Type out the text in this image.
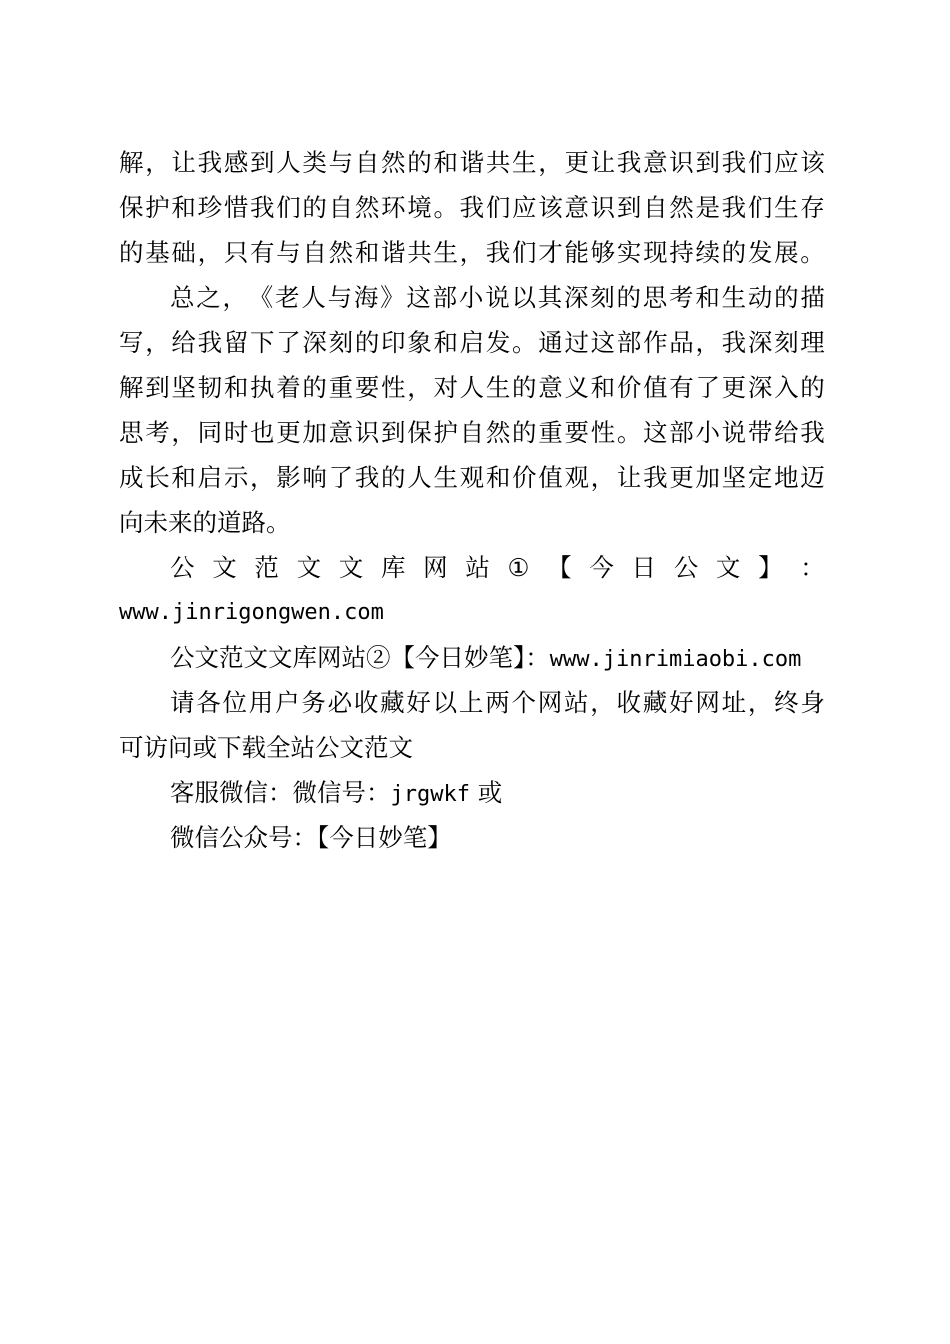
解 ， 让 我 感 到 人 类 与 自 然 的 和 谐 共 生 ， 更 让 我 意 识 到 我 们 应 该
保 护 和 珍 惜 我 们 的 自 然 环 境 。 我 们 应 该 意 识 到 自 然 是 我 们 生 存
的 基 础 ， 只 有 与 自 然 和 谐 共 生 ， 我 们 才 能 够 实 现 持 续 的 发 展 。
总 之 ， 《 老 人 与 海 》 这 部 小 说 以 其 深 刻 的 思 考 和 生 动 的 描
写 ， 给 我 留 下 了 深 刻 的 印 象 和 启 发 。 通 过 这 部 作 品 ， 我 深 刻 理
解 到 坚 韧 和 执 着 的 重 要 性 ， 对 人 生 的 意 义 和 价 值 有 了 更 深 入 的
思 考 ， 同 时 也 更 加 意 识 到 保 护 自 然 的 重 要 性 。 这 部 小 说 带 给 我
成 长 和 启 示 ， 影 响 了 我 的 人 生 观 和 价 值 观 ， 让 我 更 加 坚 定 地 迈
向未来的道路。
公 文 范 文 文 库 网 站 ① 【 今 日 公 文 】 ：
www.jinrigongwen.com
公文范文文库网站②【今日妙笔】：www.jinrimiaobi.com
请 各 位 用 户 务 必 收 藏 好 以 上 两 个 网 站 ， 收 藏 好 网 址 ， 终 身
可访问或下载全站公文范文
客服微信：微信号：jrgwkf 或
微信公众号：【今日妙笔】
